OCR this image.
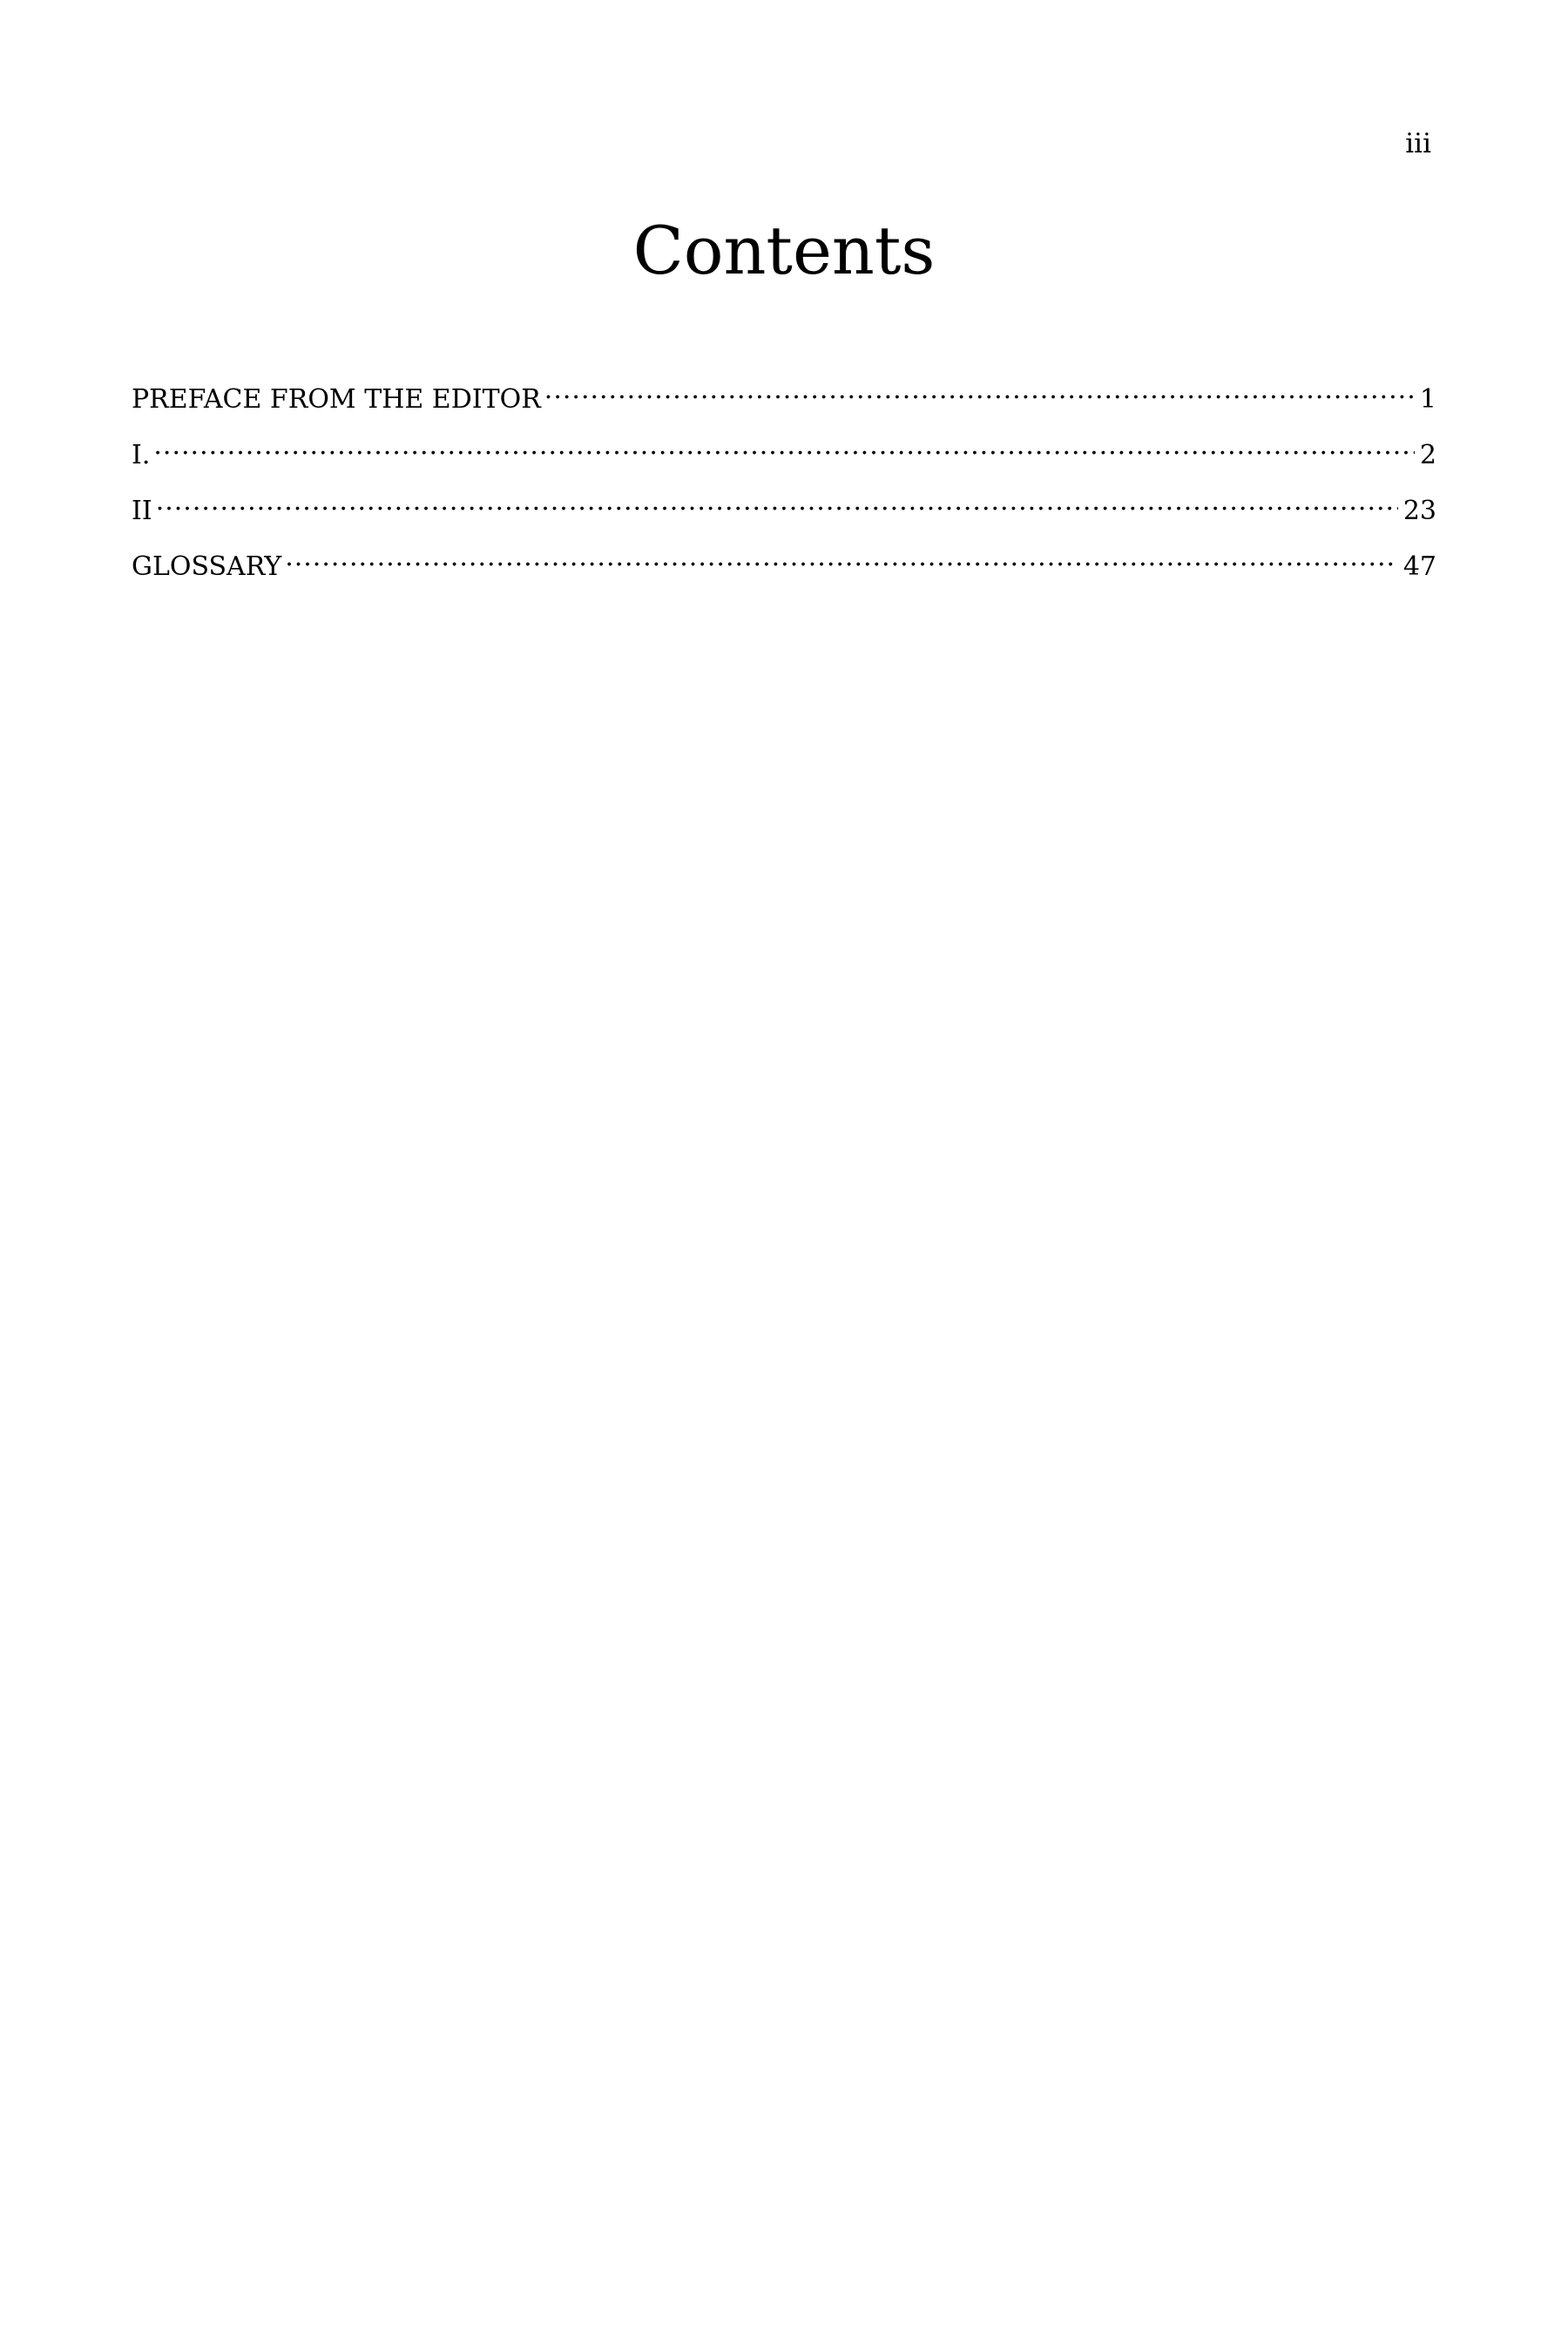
iii
Contents
PREFACE FROM THE EDITOR .....	1
I. .....	2
II .....	23
GLOSSARY .....	47
